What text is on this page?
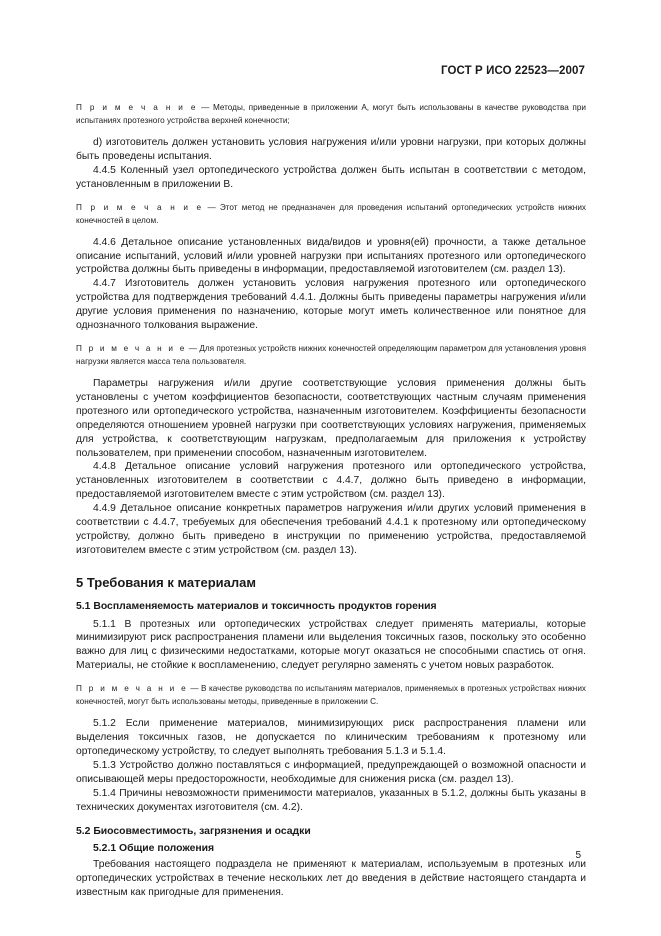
ГОСТ Р ИСО 22523—2007

П р и м е ч а н и е — Методы, приведенные в приложении А, могут быть использованы в качестве руководства при испытаниях протезного устройства верхней конечности;

d) изготовитель должен установить условия нагружения и/или уровни нагрузки, при которых должны быть проведены испытания.

4.4.5 Коленный узел ортопедического устройства должен быть испытан в соответствии с методом, установленным в приложении В.

П р и м е ч а н и е — Этот метод не предназначен для проведения испытаний ортопедических устройств нижних конечностей в целом.

4.4.6 Детальное описание установленных вида/видов и уровня(ей) прочности, а также детальное описание испытаний, условий и/или уровней нагрузки при испытаниях протезного или ортопедического устройства должны быть приведены в информации, предоставляемой изготовителем (см. раздел 13).

4.4.7 Изготовитель должен установить условия нагружения протезного или ортопедического устройства для подтверждения требований 4.4.1. Должны быть приведены параметры нагружения и/или другие условия применения по назначению, которые могут иметь количественное или понятное для однозначного толкования выражение.

П р и м е ч а н и е — Для протезных устройств нижних конечностей определяющим параметром для установления уровня нагрузки является масса тела пользователя.

Параметры нагружения и/или другие соответствующие условия применения должны быть установлены с учетом коэффициентов безопасности, соответствующих частным случаям применения протезного или ортопедического устройства, назначенным изготовителем. Коэффициенты безопасности определяются отношением уровней нагрузки при соответствующих условиях нагружения, применяемых для устройства, к соответствующим нагрузкам, предполагаемым для приложения к устройству пользователем, при применении способом, назначенным изготовителем.

4.4.8 Детальное описание условий нагружения протезного или ортопедического устройства, установленных изготовителем в соответствии с 4.4.7, должно быть приведено в информации, предоставляемой изготовителем вместе с этим устройством (см. раздел 13).

4.4.9 Детальное описание конкретных параметров нагружения и/или других условий применения в соответствии с 4.4.7, требуемых для обеспечения требований 4.4.1 к протезному или ортопедическому устройству, должно быть приведено в инструкции по применению устройства, предоставляемой изготовителем вместе с этим устройством (см. раздел 13).

5 Требования к материалам
5.1 Воспламеняемость материалов и токсичность продуктов горения

5.1.1 В протезных или ортопедических устройствах следует применять материалы, которые минимизируют риск распространения пламени или выделения токсичных газов, поскольку это особенно важно для лиц с физическими недостатками, которые могут оказаться не способными спастись от огня. Материалы, не стойкие к воспламенению, следует регулярно заменять с учетом новых разработок.

П р и м е ч а н и е — В качестве руководства по испытаниям материалов, применяемых в протезных устройствах нижних конечностей, могут быть использованы методы, приведенные в приложении С.

5.1.2 Если применение материалов, минимизирующих риск распространения пламени или выделения токсичных газов, не допускается по клиническим требованиям к протезному или ортопедическому устройству, то следует выполнять требования 5.1.3 и 5.1.4.

5.1.3 Устройство должно поставляться с информацией, предупреждающей о возможной опасности и описывающей меры предосторожности, необходимые для снижения риска (см. раздел 13).

5.1.4 Причины невозможности применимости материалов, указанных в 5.1.2, должны быть указаны в технических документах изготовителя (см. 4.2).

5.2 Биосовместимость, загрязнения и осадки
5.2.1 Общие положения

Требования настоящего подраздела не применяют к материалам, используемым в протезных или ортопедических устройствах в течение нескольких лет до введения в действие настоящего стандарта и известным как пригодные для применения.

5
